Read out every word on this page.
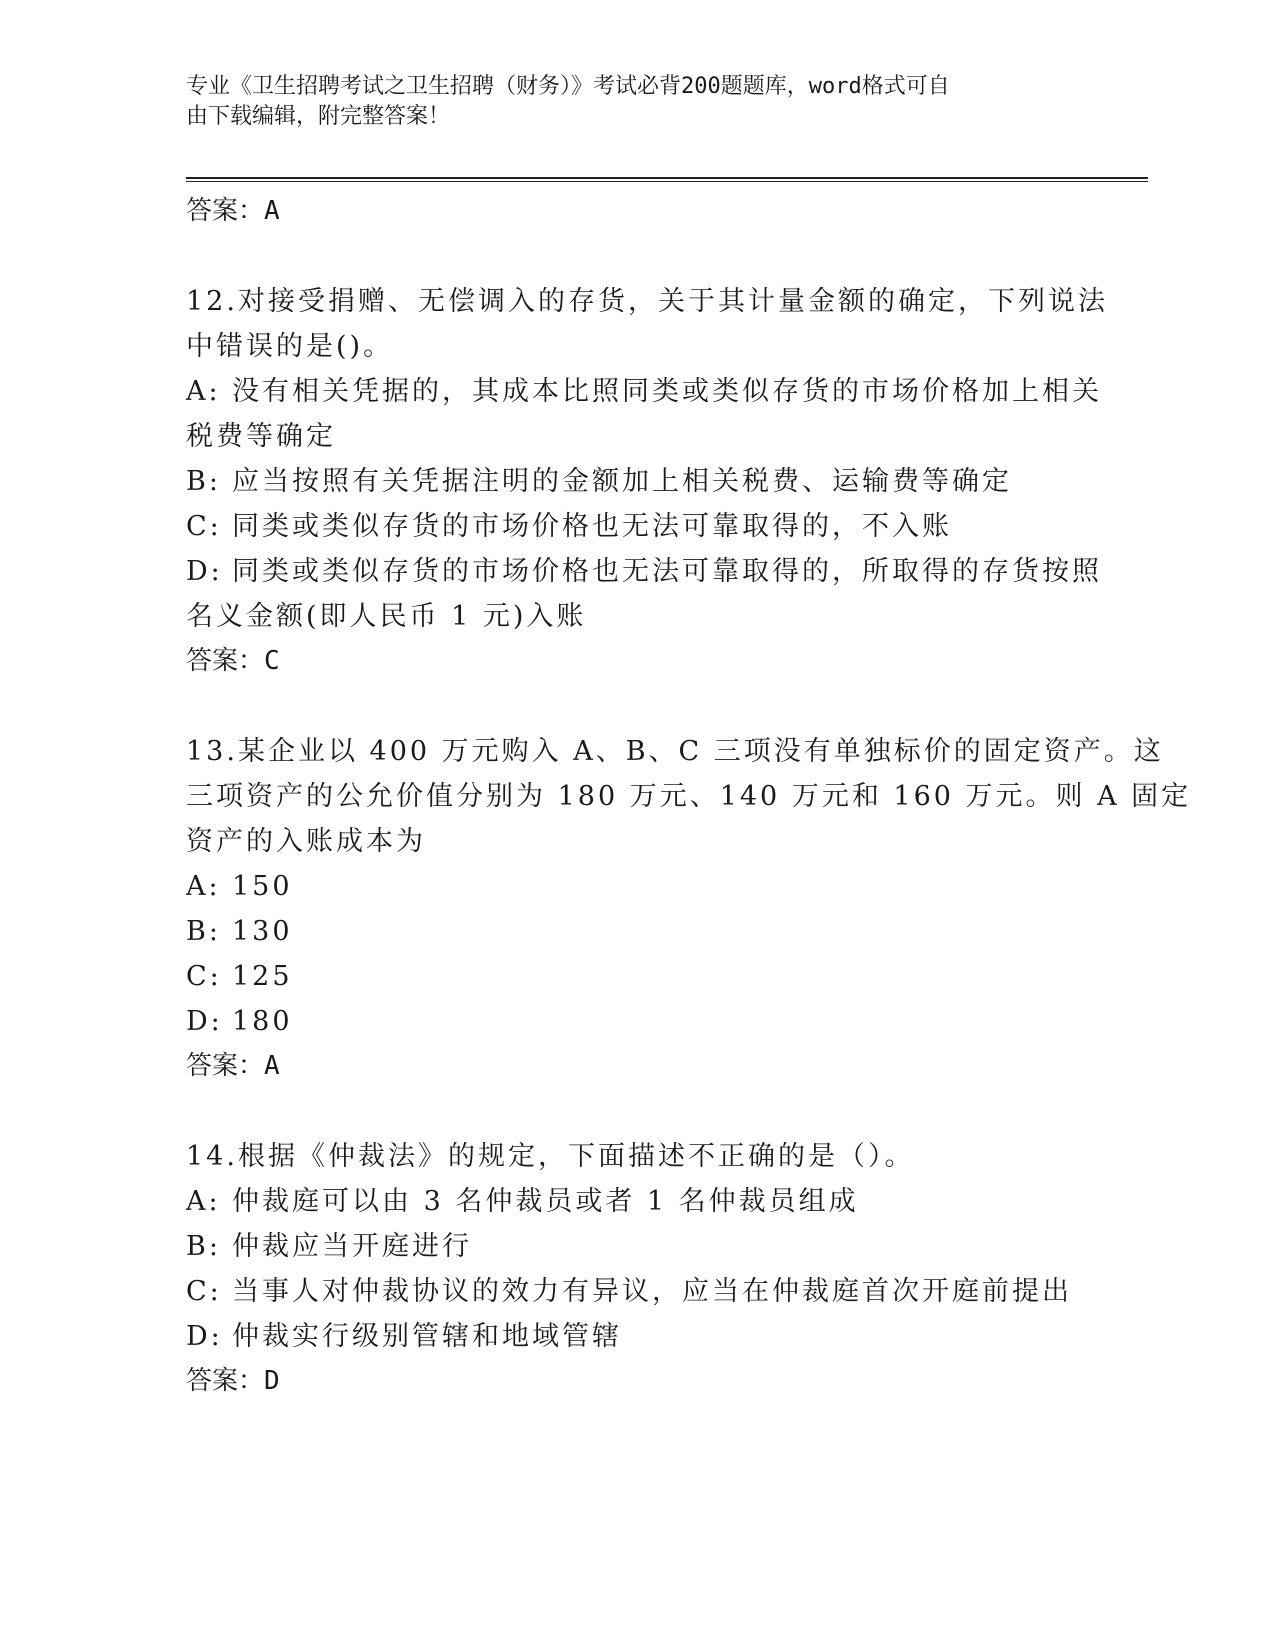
专业《卫生招聘考试之卫生招聘（财务）》考试必背200题题库，word格式可自
由下载编辑，附完整答案！
答案：A
12.对接受捐赠、无偿调入的存货，关于其计量金额的确定，下列说法
中错误的是()。
A: 没有相关凭据的，其成本比照同类或类似存货的市场价格加上相关
税费等确定
B: 应当按照有关凭据注明的金额加上相关税费、运输费等确定
C: 同类或类似存货的市场价格也无法可靠取得的，不入账
D: 同类或类似存货的市场价格也无法可靠取得的，所取得的存货按照
名义金额(即人民币 1 元)入账
答案：C
13.某企业以 400 万元购入 A、B、C 三项没有单独标价的固定资产。这
三项资产的公允价值分别为 180 万元、140 万元和 160 万元。则 A 固定
资产的入账成本为
A: 150
B: 130
C: 125
D: 180
答案：A
14.根据《仲裁法》的规定，下面描述不正确的是（）。
A: 仲裁庭可以由 3 名仲裁员或者 1 名仲裁员组成
B: 仲裁应当开庭进行
C: 当事人对仲裁协议的效力有异议，应当在仲裁庭首次开庭前提出
D: 仲裁实行级别管辖和地域管辖
答案：D
